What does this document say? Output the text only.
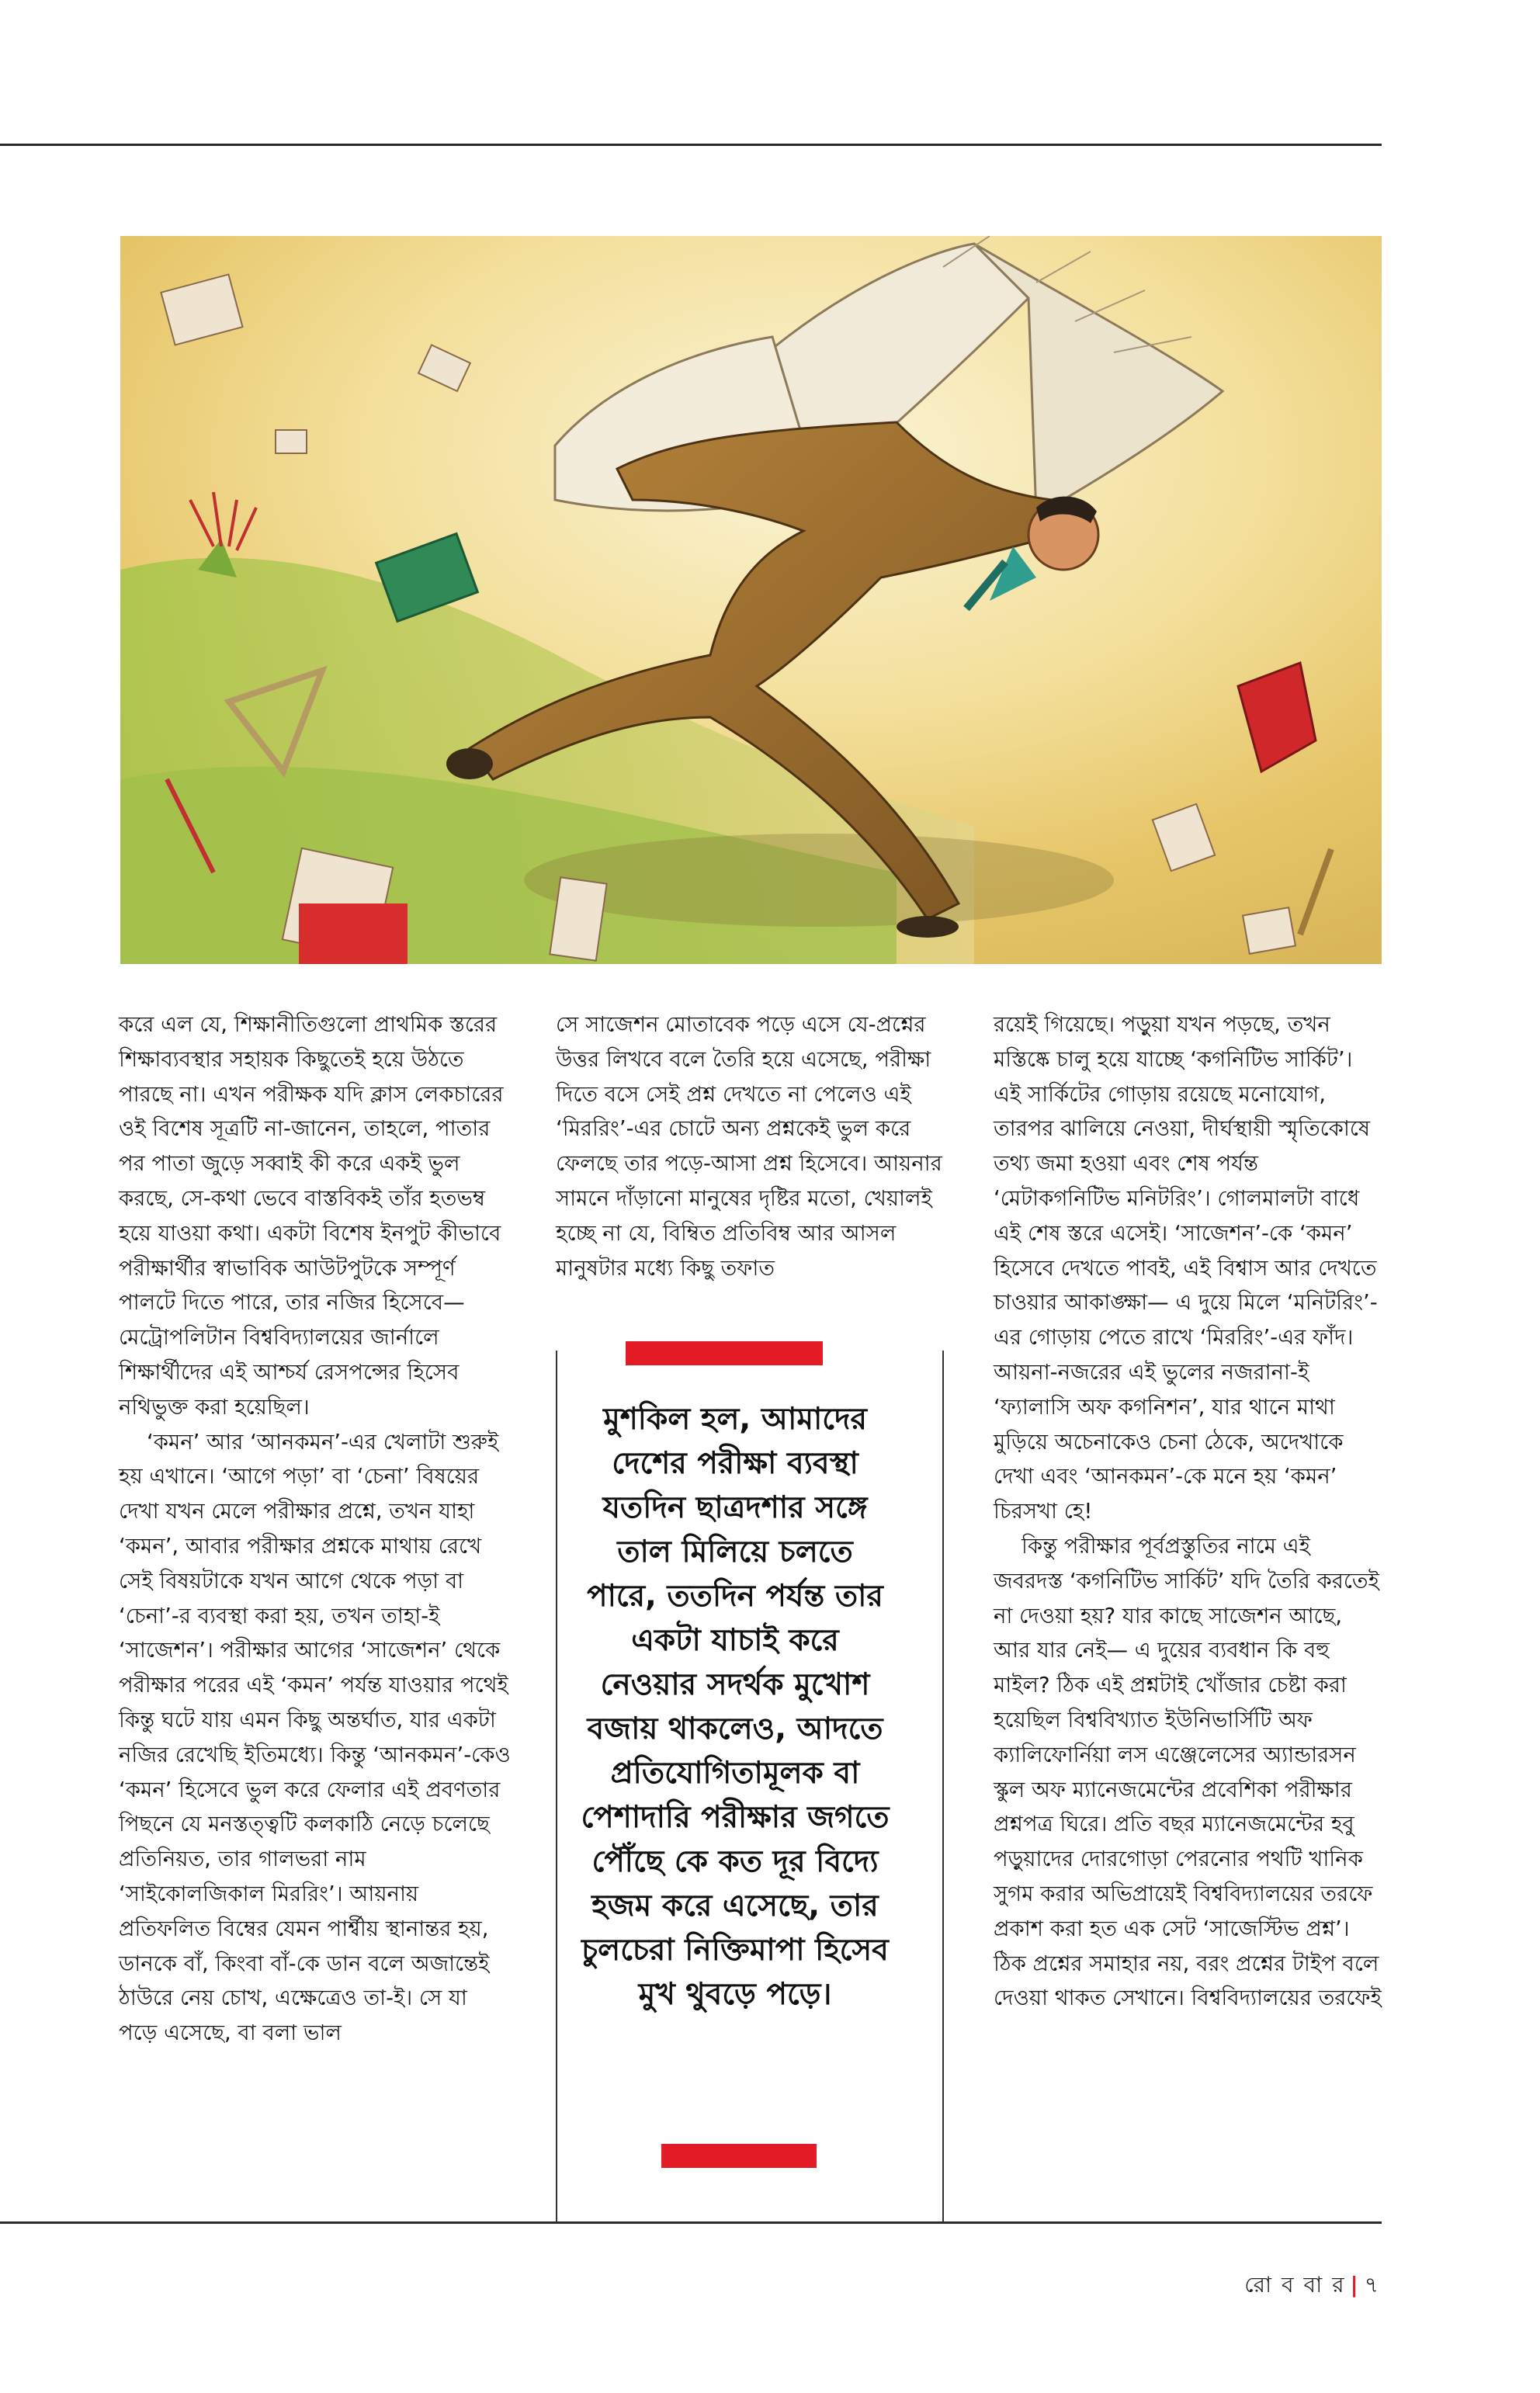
করে এল যে, শিক্ষানীতিগুলো প্রাথমিক স্তরের শিক্ষাব্যবস্থার সহায়ক কিছুতেই হয়ে উঠতে পারছে না। এখন পরীক্ষক যদি ক্লাস লেকচারের ওই বিশেষ সূত্রটি না-জানেন, তাহলে, পাতার পর পাতা জুড়ে সব্বাই কী করে একই ভুল করছে, সে-কথা ভেবে বাস্তবিকই তাঁর হতভম্ব হয়ে যাওয়া কথা। একটা বিশেষ ইনপুট কীভাবে পরীক্ষার্থীর স্বাভাবিক আউটপুটকে সম্পূর্ণ পালটে দিতে পারে, তার নজির হিসেবে— মেট্রোপলিটান বিশ্ববিদ্যালয়ের জার্নালে শিক্ষার্থীদের এই আশ্চর্য রেসপন্সের হিসেব নথিভুক্ত করা হয়েছিল।

‘কমন’ আর ‘আনকমন’-এর খেলাটা শুরুই হয় এখানে। ‘আগে পড়া’ বা ‘চেনা’ বিষয়ের দেখা যখন মেলে পরীক্ষার প্রশ্নে, তখন যাহা ‘কমন’, আবার পরীক্ষার প্রশ্নকে মাথায় রেখে সেই বিষয়টাকে যখন আগে থেকে পড়া বা ‘চেনা’-র ব্যবস্থা করা হয়, তখন তাহা-ই ‘সাজেশন’। পরীক্ষার আগের ‘সাজেশন’ থেকে পরীক্ষার পরের এই ‘কমন’ পর্যন্ত যাওয়ার পথেই কিন্তু ঘটে যায় এমন কিছু অন্তর্ঘাত, যার একটা নজির রেখেছি ইতিমধ্যে। কিন্তু ‘আনকমন’-কেও ‘কমন’ হিসেবে ভুল করে ফেলার এই প্রবণতার পিছনে যে মনস্তত্ত্বটি কলকাঠি নেড়ে চলেছে প্রতিনিয়ত, তার গালভরা নাম ‘সাইকোলজিকাল মিররিং’। আয়নায় প্রতিফলিত বিম্বের যেমন পার্শ্বীয় স্থানান্তর হয়, ডানকে বাঁ, কিংবা বাঁ-কে ডান বলে অজান্তেই ঠাউরে নেয় চোখ, এক্ষেত্রেও তা-ই। সে যা পড়ে এসেছে, বা বলা ভাল

সে সাজেশন মোতাবেক পড়ে এসে যে-প্রশ্নের উত্তর লিখবে বলে তৈরি হয়ে এসেছে, পরীক্ষা দিতে বসে সেই প্রশ্ন দেখতে না পেলেও এই ‘মিররিং’-এর চোটে অন্য প্রশ্নকেই ভুল করে ফেলছে তার পড়ে-আসা প্রশ্ন হিসেবে। আয়নার সামনে দাঁড়ানো মানুষের দৃষ্টির মতো, খেয়ালই হচ্ছে না যে, বিম্বিত প্রতিবিম্ব আর আসল মানুষটার মধ্যে কিছু তফাত

মুশকিল হল, আমাদের দেশের পরীক্ষা ব্যবস্থা যতদিন ছাত্রদশার সঙ্গে তাল মিলিয়ে চলতে পারে, ততদিন পর্যন্ত তার একটা যাচাই করে নেওয়ার সদর্থক মুখোশ বজায় থাকলেও, আদতে প্রতিযোগিতামূলক বা পেশাদারি পরীক্ষার জগতে পৌঁছে কে কত দূর বিদ্যে হজম করে এসেছে, তার চুলচেরা নিক্তিমাপা হিসেব মুখ থুবড়ে পড়ে।

রয়েই গিয়েছে। পড়ুয়া যখন পড়ছে, তখন মস্তিষ্কে চালু হয়ে যাচ্ছে ‘কগনিটিভ সার্কিট’। এই সার্কিটের গোড়ায় রয়েছে মনোযোগ, তারপর ঝালিয়ে নেওয়া, দীর্ঘস্থায়ী স্মৃতিকোষে তথ্য জমা হওয়া এবং শেষ পর্যন্ত ‘মেটাকগনিটিভ মনিটরিং’। গোলমালটা বাধে এই শেষ স্তরে এসেই। ‘সাজেশন’-কে ‘কমন’ হিসেবে দেখতে পাবই, এই বিশ্বাস আর দেখতে চাওয়ার আকাঙ্ক্ষা— এ দুয়ে মিলে ‘মনিটরিং’-এর গোড়ায় পেতে রাখে ‘মিররিং’-এর ফাঁদ। আয়না-নজরের এই ভুলের নজরানা-ই ‘ফ্যালাসি অফ কগনিশন’, যার থানে মাথা মুড়িয়ে অচেনাকেও চেনা ঠেকে, অদেখাকে দেখা এবং ‘আনকমন’-কে মনে হয় ‘কমন’ চিরসখা হে!

কিন্তু পরীক্ষার পূর্বপ্রস্তুতির নামে এই জবরদস্ত ‘কগনিটিভ সার্কিট’ যদি তৈরি করতেই না দেওয়া হয়? যার কাছে সাজেশন আছে, আর যার নেই— এ দুয়ের ব্যবধান কি বহু মাইল? ঠিক এই প্রশ্নটাই খোঁজার চেষ্টা করা হয়েছিল বিশ্ববিখ্যাত ইউনিভার্সিটি অফ ক্যালিফোর্নিয়া লস এঞ্জেলেসের অ্যান্ডারসন স্কুল অফ ম্যানেজমেন্টের প্রবেশিকা পরীক্ষার প্রশ্নপত্র ঘিরে। প্রতি বছর ম্যানেজমেন্টের হবু পড়ুয়াদের দোরগোড়া পেরনোর পথটি খানিক সুগম করার অভিপ্রায়েই বিশ্ববিদ্যালয়ের তরফে প্রকাশ করা হত এক সেট ‘সাজেস্টিভ প্রশ্ন’। ঠিক প্রশ্নের সমাহার নয়, বরং প্রশ্নের টাইপ বলে দেওয়া থাকত সেখানে। বিশ্ববিদ্যালয়ের তরফেই

রো ব বা র | ৭
